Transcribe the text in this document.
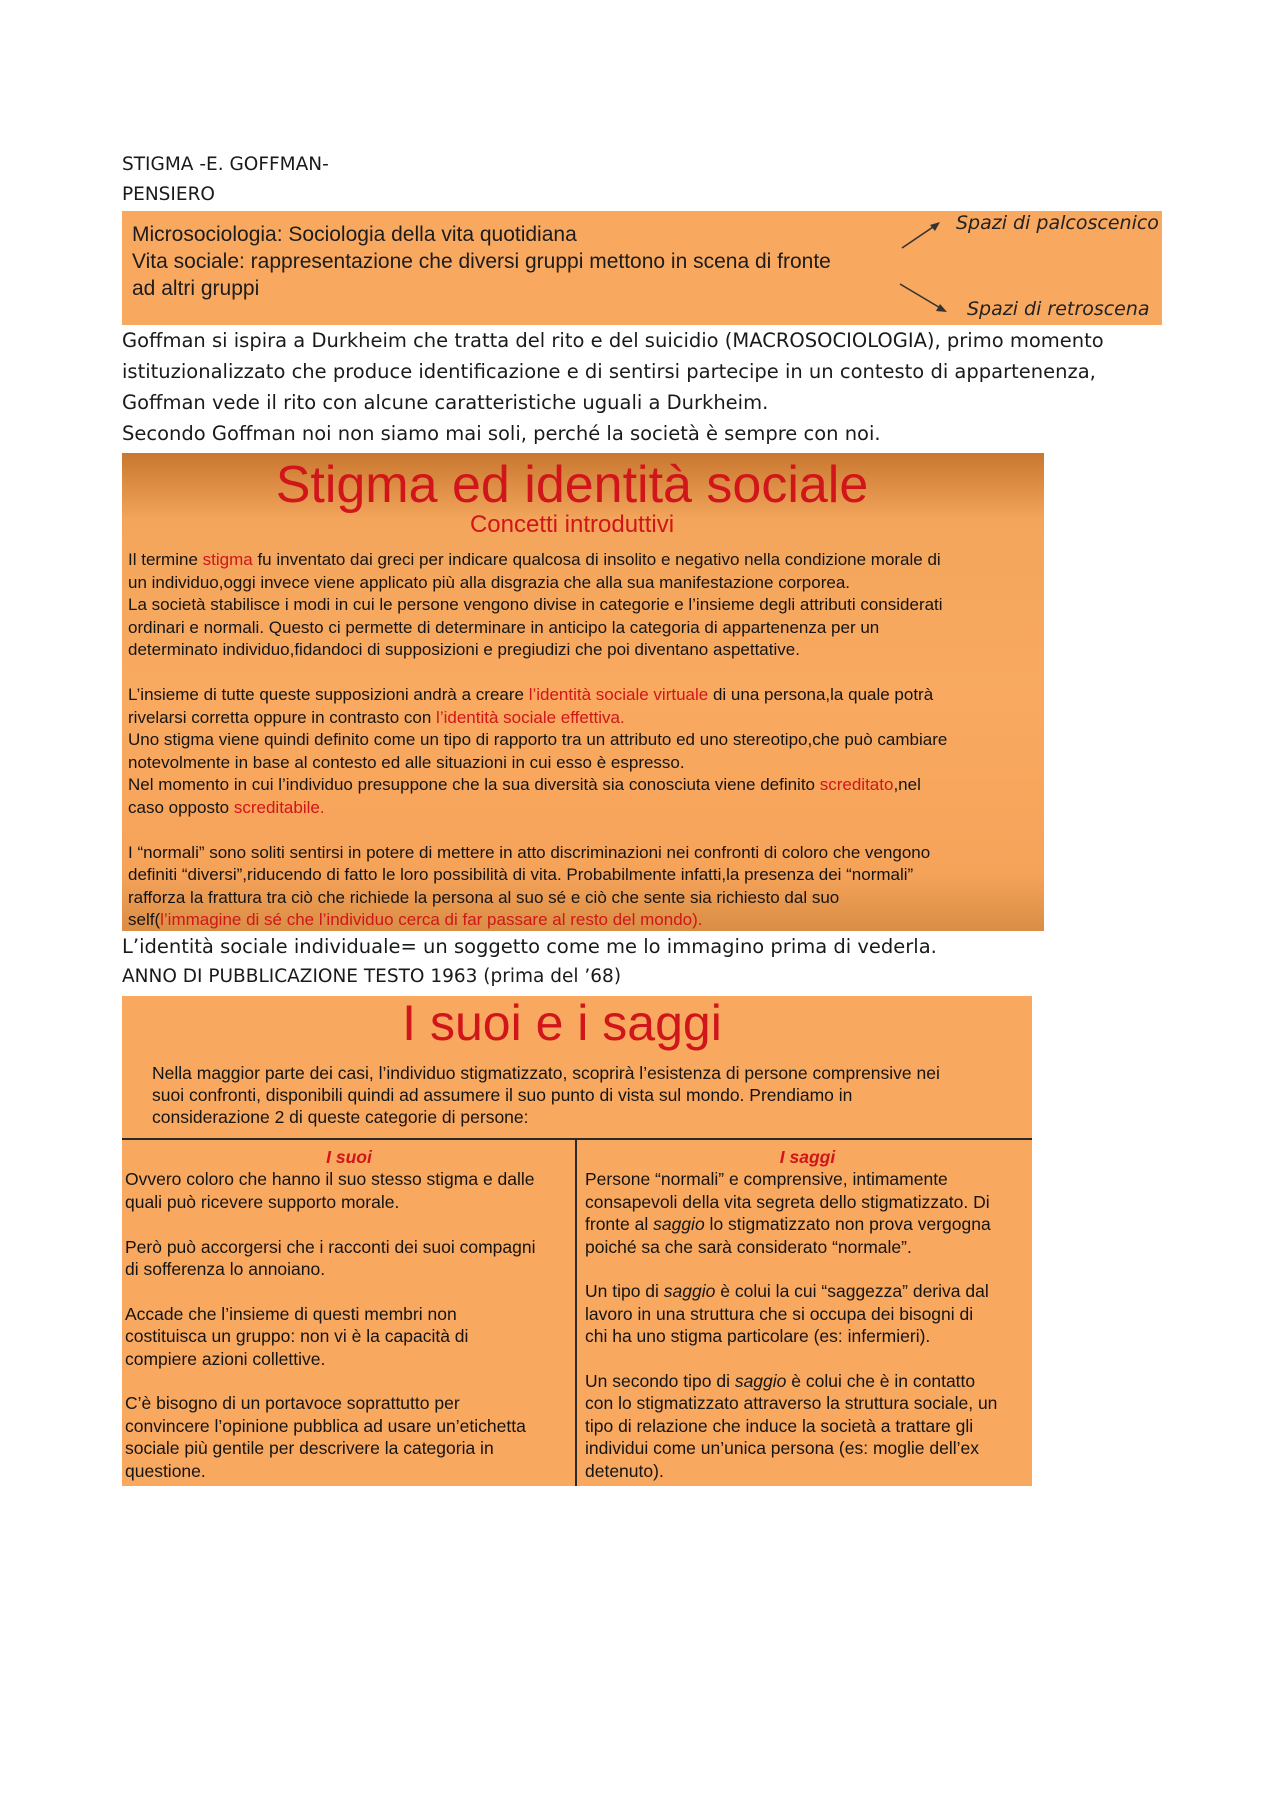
STIGMA -E. GOFFMAN-

PENSIERO

Microsociologia: Sociologia della vita quotidiana
Vita sociale: rappresentazione che diversi gruppi mettono in scena di fronte
ad altri gruppi
Spazi di palcoscenico
Spazi di retroscena

Goffman si ispira a Durkheim che tratta del rito e del suicidio (MACROSOCIOLOGIA), primo momento

istituzionalizzato che produce identificazione e di sentirsi partecipe in un contesto di appartenenza,

Goffman vede il rito con alcune caratteristiche uguali a Durkheim.

Secondo Goffman noi non siamo mai soli, perché la società è sempre con noi.

Stigma ed identità sociale
Concetti introduttivi

Il termine stigma fu inventato dai greci per indicare qualcosa di insolito e negativo nella condizione morale di

un individuo,oggi invece viene applicato più alla disgrazia che alla sua manifestazione corporea.

La società stabilisce i modi in cui le persone vengono divise in categorie e l’insieme degli attributi considerati

ordinari e normali. Questo ci permette di determinare in anticipo la categoria di appartenenza per un

determinato individuo,fidandoci di supposizioni e pregiudizi che poi diventano aspettative.

L’insieme di tutte queste supposizioni andrà a creare l’identità sociale virtuale di una persona,la quale potrà

rivelarsi corretta oppure in contrasto con l’identità sociale effettiva.

Uno stigma viene quindi definito come un tipo di rapporto tra un attributo ed uno stereotipo,che può cambiare

notevolmente in base al contesto ed alle situazioni in cui esso è espresso.

Nel momento in cui l’individuo presuppone che la sua diversità sia conosciuta viene definito screditato,nel

caso opposto screditabile.

I “normali” sono soliti sentirsi in potere di mettere in atto discriminazioni nei confronti di coloro che vengono

definiti “diversi”,riducendo di fatto le loro possibilità di vita. Probabilmente infatti,la presenza dei “normali”

rafforza la frattura tra ciò che richiede la persona al suo sé e ciò che sente sia richiesto dal suo

self(l’immagine di sé che l’individuo cerca di far passare al resto del mondo).

L’identità sociale individuale= un soggetto come me lo immagino prima di vederla.

ANNO DI PUBBLICAZIONE TESTO 1963 (prima del ’68)

I suoi e i saggi
Nella maggior parte dei casi, l’individuo stigmatizzato, scoprirà l’esistenza di persone comprensive nei
suoi confronti, disponibili quindi ad assumere il suo punto di vista sul mondo. Prendiamo in
considerazione 2 di queste categorie di persone:

I suoi

Ovvero coloro che hanno il suo stesso stigma e dalle

quali può ricevere supporto morale.

Però può accorgersi che i racconti dei suoi compagni

di sofferenza lo annoiano.

Accade che l’insieme di questi membri non

costituisca un gruppo: non vi è la capacità di

compiere azioni collettive.

C’è bisogno di un portavoce soprattutto per

convincere l’opinione pubblica ad usare un’etichetta

sociale più gentile per descrivere la categoria in

questione.

I saggi

Persone “normali” e comprensive, intimamente

consapevoli della vita segreta dello stigmatizzato. Di

fronte al saggio lo stigmatizzato non prova vergogna

poiché sa che sarà considerato “normale”.

Un tipo di saggio è colui la cui “saggezza” deriva dal

lavoro in una struttura che si occupa dei bisogni di

chi ha uno stigma particolare (es: infermieri).

Un secondo tipo di saggio è colui che è in contatto

con lo stigmatizzato attraverso la struttura sociale, un

tipo di relazione che induce la società a trattare gli

individui come un’unica persona (es: moglie dell’ex

detenuto).
